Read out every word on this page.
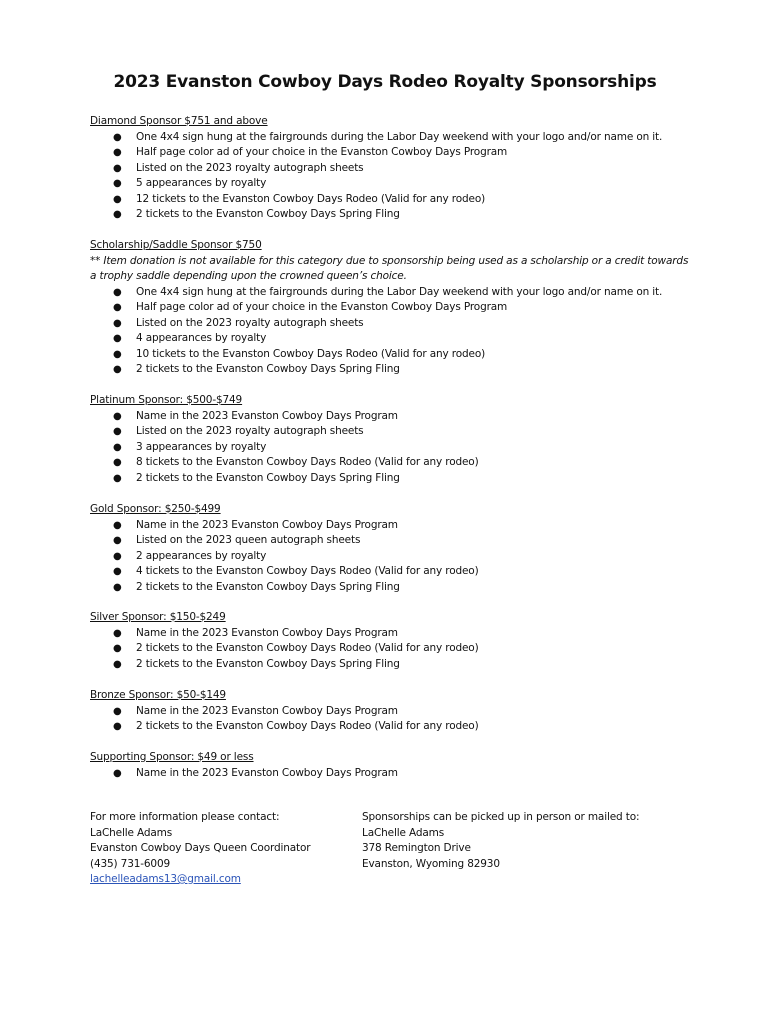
2023 Evanston Cowboy Days Rodeo Royalty Sponsorships
Diamond Sponsor $751 and above
● One 4x4 sign hung at the fairgrounds during the Labor Day weekend with your logo and/or name on it.
● Half page color ad of your choice in the Evanston Cowboy Days Program
● Listed on the 2023 royalty autograph sheets
● 5 appearances by royalty
● 12 tickets to the Evanston Cowboy Days Rodeo (Valid for any rodeo)
● 2 tickets to the Evanston Cowboy Days Spring Fling
Scholarship/Saddle Sponsor $750
** Item donation is not available for this category due to sponsorship being used as a scholarship or a credit towards a trophy saddle depending upon the crowned queen’s choice.
● One 4x4 sign hung at the fairgrounds during the Labor Day weekend with your logo and/or name on it.
● Half page color ad of your choice in the Evanston Cowboy Days Program
● Listed on the 2023 royalty autograph sheets
● 4 appearances by royalty
● 10 tickets to the Evanston Cowboy Days Rodeo (Valid for any rodeo)
● 2 tickets to the Evanston Cowboy Days Spring Fling
Platinum Sponsor: $500-$749
● Name in the 2023 Evanston Cowboy Days Program
● Listed on the 2023 royalty autograph sheets
● 3 appearances by royalty
● 8 tickets to the Evanston Cowboy Days Rodeo (Valid for any rodeo)
● 2 tickets to the Evanston Cowboy Days Spring Fling
Gold Sponsor: $250-$499
● Name in the 2023 Evanston Cowboy Days Program
● Listed on the 2023 queen autograph sheets
● 2 appearances by royalty
● 4 tickets to the Evanston Cowboy Days Rodeo (Valid for any rodeo)
● 2 tickets to the Evanston Cowboy Days Spring Fling
Silver Sponsor: $150-$249
● Name in the 2023 Evanston Cowboy Days Program
● 2 tickets to the Evanston Cowboy Days Rodeo (Valid for any rodeo)
● 2 tickets to the Evanston Cowboy Days Spring Fling
Bronze Sponsor: $50-$149
● Name in the 2023 Evanston Cowboy Days Program
● 2 tickets to the Evanston Cowboy Days Rodeo (Valid for any rodeo)
Supporting Sponsor: $49 or less
● Name in the 2023 Evanston Cowboy Days Program
For more information please contact:
LaChelle Adams
Evanston Cowboy Days Queen Coordinator
(435) 731-6009
lachelleadams13@gmail.com
Sponsorships can be picked up in person or mailed to:
LaChelle Adams
378 Remington Drive
Evanston, Wyoming 82930
